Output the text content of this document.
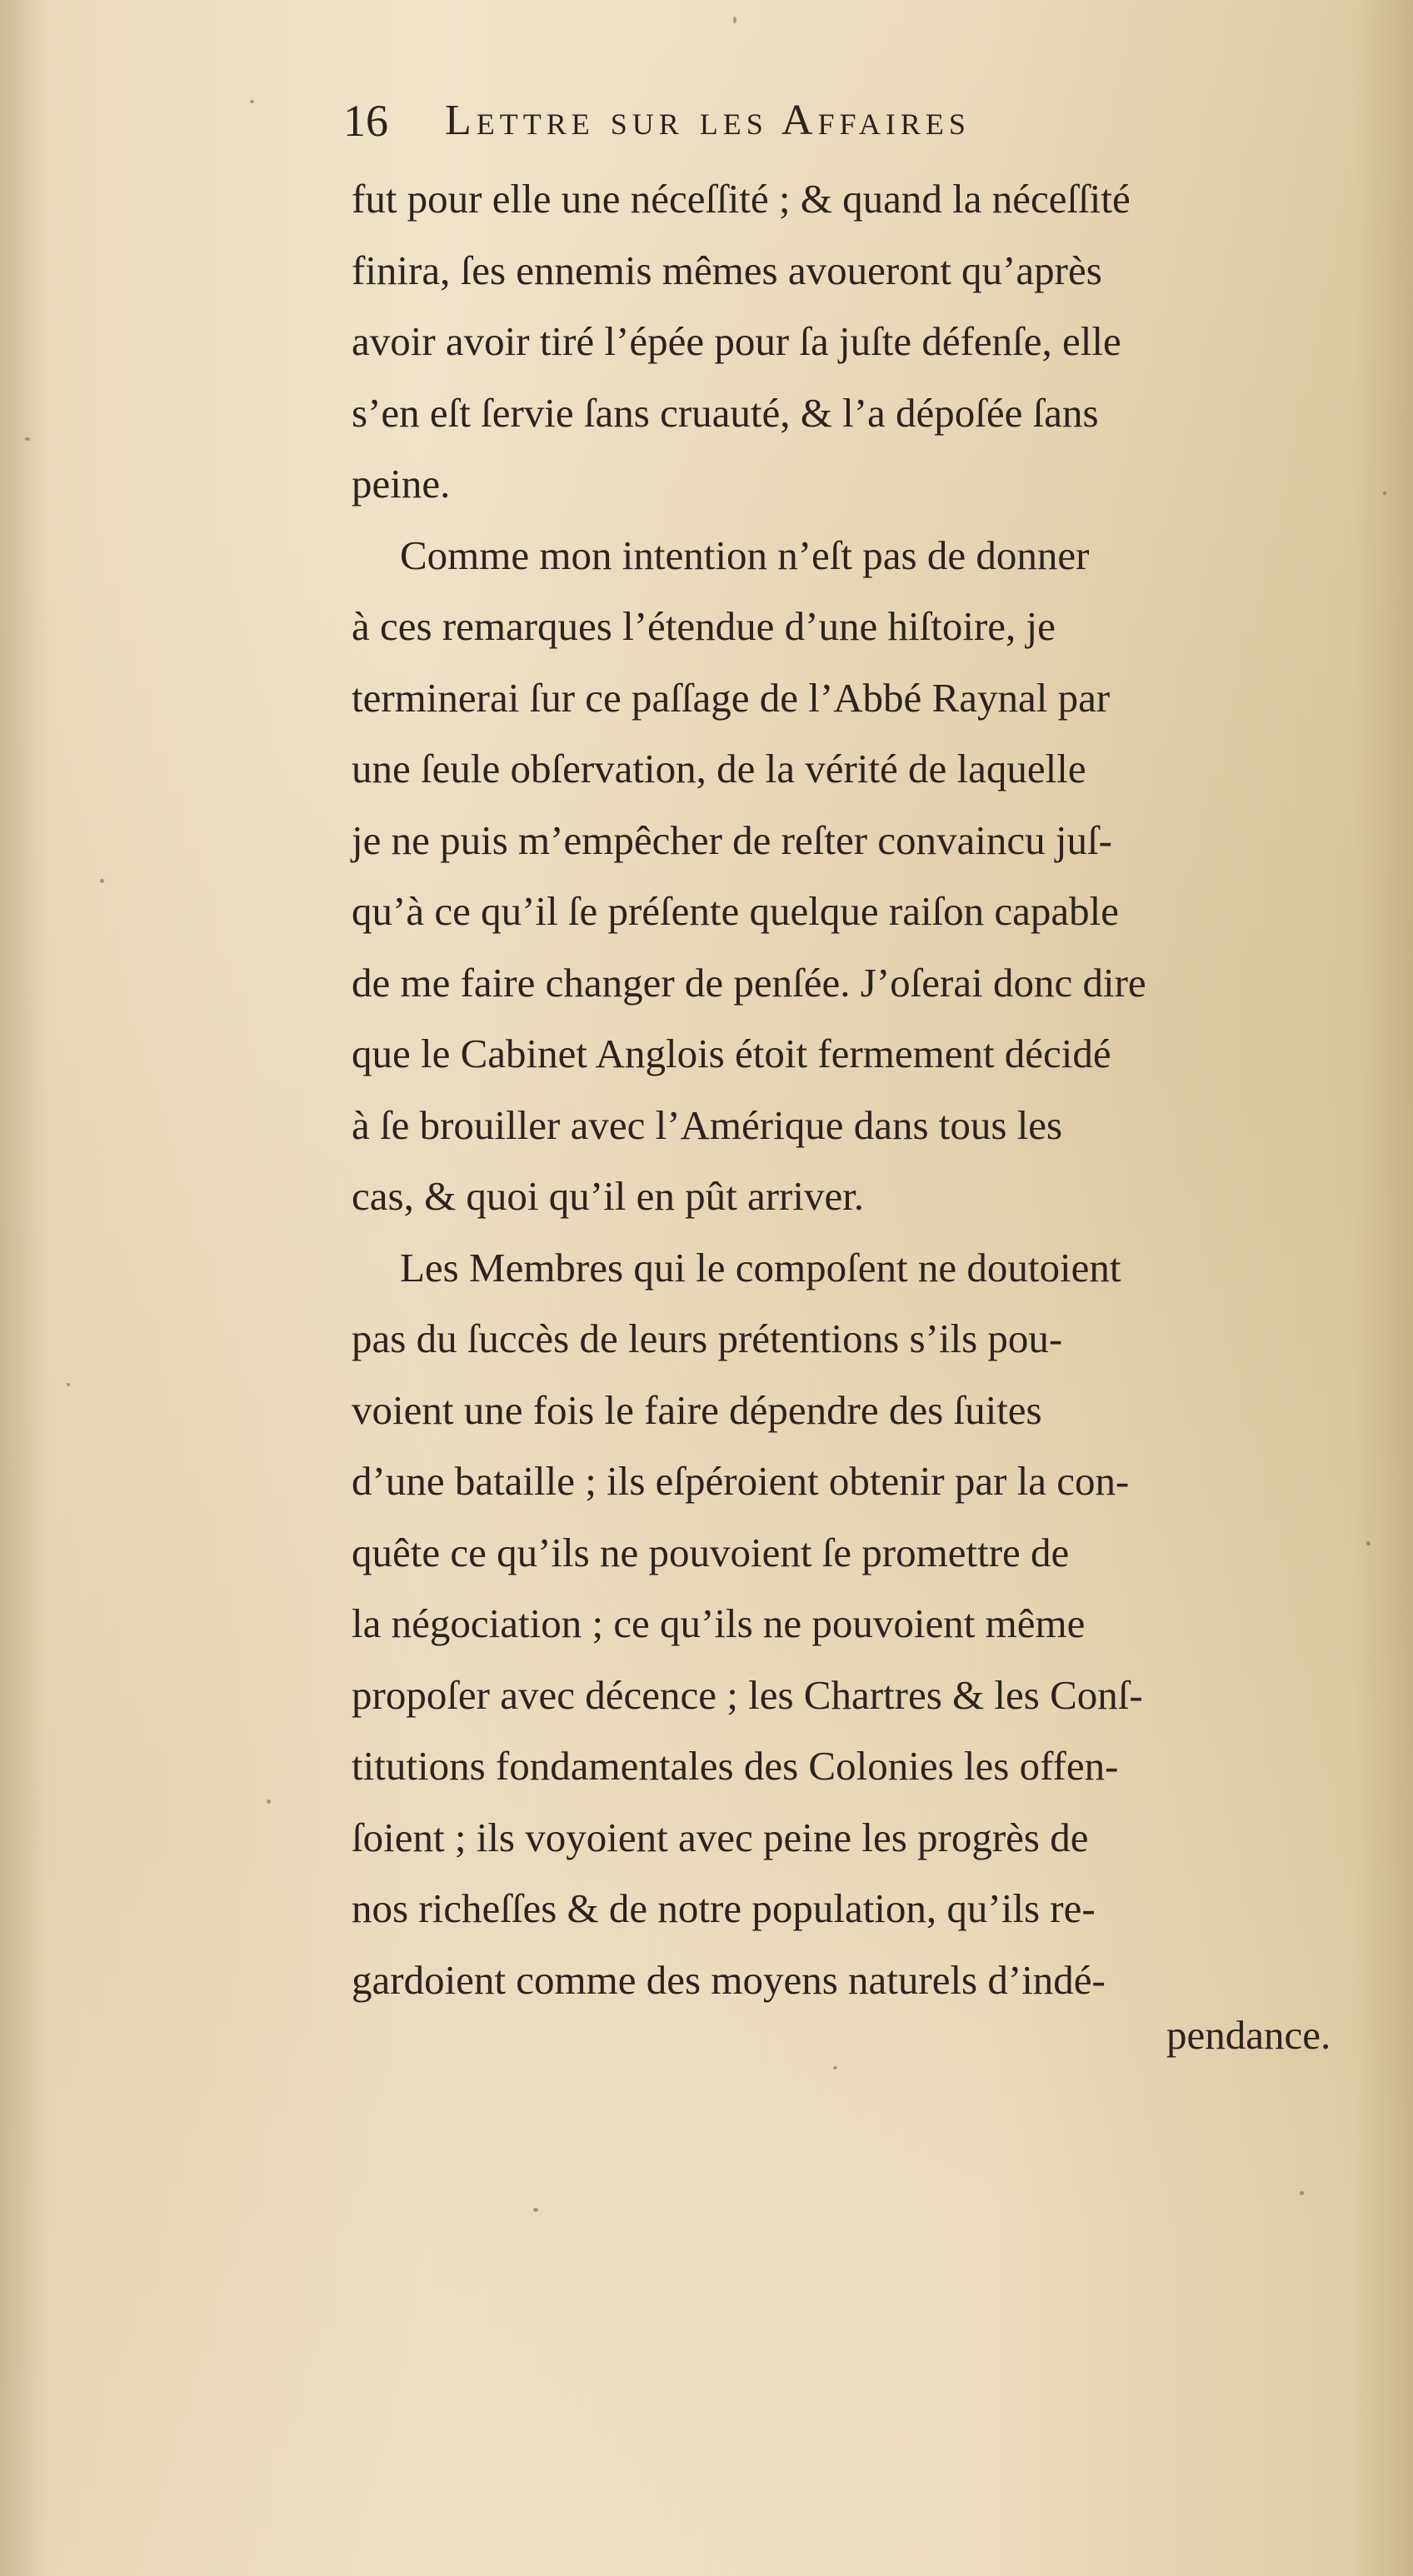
16 Lettre sur les Affaires
fut pour elle une néceſſité ; & quand la néceſſité
finira, ſes ennemis mêmes avoueront qu’après
avoir avoir tiré l’épée pour ſa juſte défenſe, elle
s’en eſt ſervie ſans cruauté, & l’a dépoſée ſans
peine.
Comme mon intention n’eſt pas de donner
à ces remarques l’étendue d’une hiſtoire, je
terminerai ſur ce paſſage de l’Abbé Raynal par
une ſeule obſervation, de la vérité de laquelle
je ne puis m’empêcher de reſter convaincu juſ-
qu’à ce qu’il ſe préſente quelque raiſon capable
de me faire changer de penſée. J’oſerai donc dire
que le Cabinet Anglois étoit fermement décidé
à ſe brouiller avec l’Amérique dans tous les
cas, & quoi qu’il en pût arriver.
Les Membres qui le compoſent ne doutoient
pas du ſuccès de leurs prétentions s’ils pou-
voient une fois le faire dépendre des ſuites
d’une bataille ; ils eſpéroient obtenir par la con-
quête ce qu’ils ne pouvoient ſe promettre de
la négociation ; ce qu’ils ne pouvoient même
propoſer avec décence ; les Chartres & les Conſ-
titutions fondamentales des Colonies les offen-
ſoient ; ils voyoient avec peine les progrès de
nos richeſſes & de notre population, qu’ils re-
gardoient comme des moyens naturels d’indé-
pendance.
